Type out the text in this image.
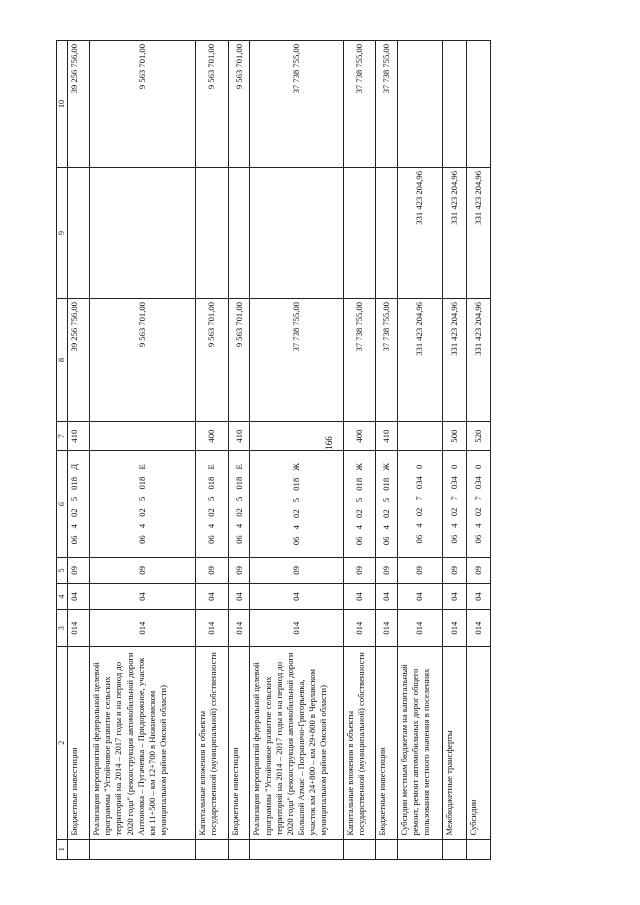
166
1	2	3	4	5	6	7	8	9	10
	Бюджетные инвестиции	014	04	09	06 4 02 5 018 Д	410	39 256 756,00		39 256 756,00
	Реализация мероприятий федеральной целевой программы "Устойчивое развитие сельских территорий на 2014 – 2017 годы и на период до 2020 года" (реконструкция автомобильной дороги Антоновка – Пугачевка – Придорожное, участок км 11+500 – км 12+700 в Нижнеомском муниципальном районе Омской области)	014	04	09	06 4 02 5 018 Е		9 563 701,00		9 563 701,00
	Капитальные вложения в объекты государственной (муниципальной) собственности	014	04	09	06 4 02 5 018 Е	400	9 563 701,00		9 563 701,00
	Бюджетные инвестиции	014	04	09	06 4 02 5 018 Е	410	9 563 701,00		9 563 701,00
	Реализация мероприятий федеральной целевой программы "Устойчивое развитие сельских территорий на 2014 – 2017 годы и на период до 2020 года" (реконструкция автомобильной дороги Большой Атмас – Пограничо-Григорьевка, участок км 24+800 – км 29+800 в Черлакском муниципальном районе Омской области)	014	04	09	06 4 02 5 018 Ж		37 738 755,00		37 738 755,00
	Капитальные вложения в объекты государственной (муниципальной) собственности	014	04	09	06 4 02 5 018 Ж	400	37 738 755,00		37 738 755,00
	Бюджетные инвестиции	014	04	09	06 4 02 5 018 Ж	410	37 738 755,00		37 738 755,00
	Субсидии местным бюджетам на капитальный ремонт, ремонт автомобильных дорог общего пользования местного значения в поселениях	014	04	09	06 4 02 7 034 0		331 423 204,96	331 423 204,96	
	Межбюджетные трансферты	014	04	09	06 4 02 7 034 0	500	331 423 204,96	331 423 204,96	
	Субсидии	014	04	09	06 4 02 7 034 0	520	331 423 204,96	331 423 204,96	
